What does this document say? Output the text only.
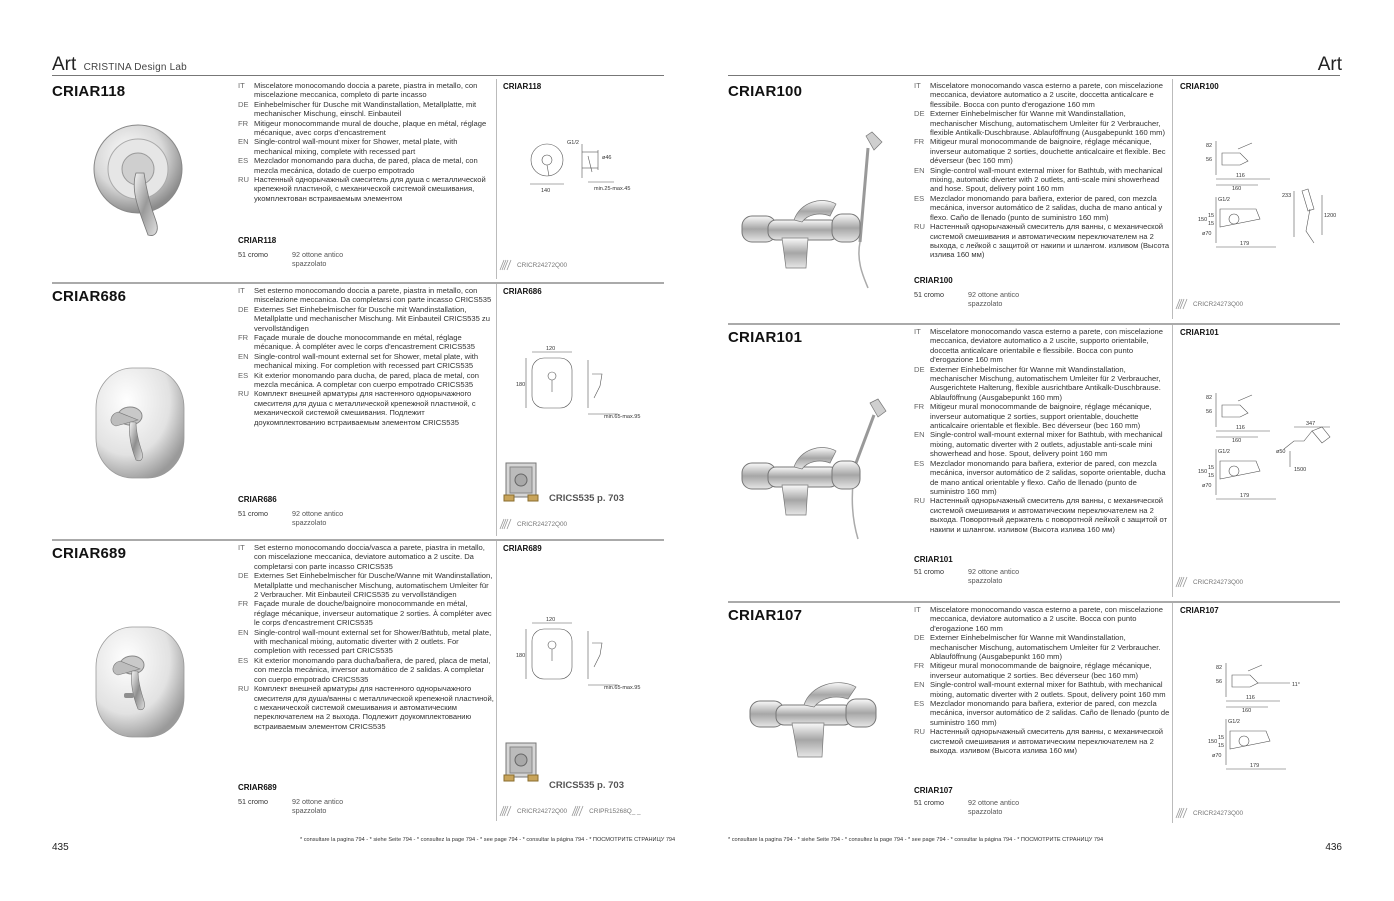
Art CRISTINA Design Lab
CRIAR118	IT	Miscelatore monocomando doccia a parete, piastra in metallo, con miscelazione meccanica, completo di parte incasso
DE Einhebelmischer für Dusche mit Wandinstallation, Metallplatte, mit mechanischer Mischung, einschl. Einbauteil
FR Mitigeur monocommande mural de douche, plaque en métal, réglage mécanique, avec corps d'encastrement
EN Single-control wall-mount mixer for Shower, metal plate, with mechanical mixing, complete with recessed part
ES Mezclador monomando para ducha, de pared, placa de metal, con mezcla mecánica, dotado de cuerpo empotrado
RU Настенный однорычажный смеситель для душа с металлической крепежной пластиной, с механической системой смешивания, укомплектован встраиваемым элементом
CRIAR118
51 cromo	92 ottone antico spazzolato
CRIAR118
140
G1/2
ø46
min.25-max.45
CRICR24272Q00
CRIAR686	IT	Set esterno monocomando doccia a parete, piastra in metallo, con miscelazione meccanica. Da completarsi con parte incasso CRICS535
DE Externes Set Einhebelmischer für Dusche mit Wandinstallation, Metallplatte und mechanischer Mischung. Mit Einbauteil CRICS535 zu vervollständigen
FR Façade murale de douche monocommande en métal, réglage mécanique. À compléter avec le corps d'encastrement CRICS535
EN Single-control wall-mount external set for Shower, metal plate, with mechanical mixing. For completion with recessed part CRICS535
ES Kit exterior monomando para ducha, de pared, placa de metal, con mezcla mecánica. A completar con cuerpo empotrado CRICS535
RU Комплект внешней арматуры для настенного однорычажного смесителя для душа с металлической крепежной пластиной, с механической системой смешивания. Подлежит доукомплектованию встраиваемым элементом CRICS535
CRIAR686
51 cromo	92 ottone antico spazzolato
CRIAR686
120
180
min.65-max.95
CRICS535 p. 703
CRICR24272Q00
CRIAR689	IT	Set esterno monocomando doccia/vasca a parete, piastra in metallo, con miscelazione meccanica, deviatore automatico a 2 uscite. Da completarsi con parte incasso CRICS535
DE Externes Set Einhebelmischer für Dusche/Wanne mit Wandinstallation, Metallplatte und mechanischer Mischung, automatischem Umleiter für 2 Verbraucher. Mit Einbauteil CRICS535 zu vervollständigen
FR Façade murale de douche/baignoire monocommande en métal, réglage mécanique, inverseur automatique 2 sorties. À compléter avec le corps d'encastrement CRICS535
EN Single-control wall-mount external set for Shower/Bathtub, metal plate, with mechanical mixing, automatic diverter with 2 outlets. For completion with recessed part CRICS535
ES Kit exterior monomando para ducha/bañera, de pared, placa de metal, con mezcla mecánica, inversor automático de 2 salidas. A completar con cuerpo empotrado CRICS535
RU Комплект внешней арматуры для настенного однорычажного смесителя для душа/ванны с металлической крепежной пластиной, с механической системой смешивания и автоматическим переключателем на 2 выхода. Подлежит доукомплектованию встраиваемым элементом CRICS535
CRIAR689
51 cromo	92 ottone antico spazzolato
CRIAR689
120
180
min.65-max.95
CRICS535 p. 703
CRICR24272Q00	CRIPR15268Q_ _
* consultare la pagina 794 - * siehe Seite 794 - * consultez la page 794 - * see page 794 - * consultar la página 794 - * ПОСМОТРИТЕ СТРАНИЦУ 794
435
Art
CRIAR100	IT	Miscelatore monocomando vasca esterno a parete, con miscelazione meccanica, deviatore automatico a 2 uscite, doccetta anticalcare e flessibile. Bocca con punto d'erogazione 160 mm
DE Externer Einhebelmischer für Wanne mit Wandinstallation, mechanischer Mischung, automatischem Umleiter für 2 Verbraucher, flexible Antikalk-Duschbrause. Ablauföffnung (Ausgabepunkt 160 mm)
FR Mitigeur mural monocommande de baignoire, réglage mécanique, inverseur automatique 2 sorties, douchette anticalcaire et flexible. Bec déverseur (bec 160 mm)
EN Single-control wall-mount external mixer for Bathtub, with mechanical mixing, automatic diverter with 2 outlets, anti-scale mini showerhead and hose. Spout, delivery point 160 mm
ES Mezclador monomando para bañera, exterior de pared, con mezcla mecánica, inversor automático de 2 salidas, ducha de mano antical y flexo. Caño de llenado (punto de suministro 160 mm)
RU Настенный однорычажный смеситель для ванны, с механической системой смешивания и автоматическим переключателем на 2 выхода, с лейкой с защитой от накипи и шлангом. изливом (Высота излива 160 мм)
CRIAR100
51 cromo	92 ottone antico spazzolato
CRIAR100
82
56
116
160
G1/2
150
15
15
ø70
179
233
1200
CRICR24273Q00
CRIAR101	IT	Miscelatore monocomando vasca esterno a parete, con miscelazione meccanica, deviatore automatico a 2 uscite, supporto orientabile, doccetta anticalcare orientabile e flessibile. Bocca con punto d'erogazione 160 mm
DE Externer Einhebelmischer für Wanne mit Wandinstallation, mechanischer Mischung, automatischem Umleiter für 2 Verbraucher, Ausgerichtete Halterung, flexible ausrichtbare Antikalk-Duschbrause. Ablauföffnung (Ausgabepunkt 160 mm)
FR Mitigeur mural monocommande de baignoire, réglage mécanique, inverseur automatique 2 sorties, support orientable, douchette anticalcaire orientable et flexible. Bec déverseur (bec 160 mm)
EN Single-control wall-mount external mixer for Bathtub, with mechanical mixing, automatic diverter with 2 outlets, adjustable anti-scale mini showerhead and hose. Spout, delivery point 160 mm
ES Mezclador monomando para bañera, exterior de pared, con mezcla mecánica, inversor automático de 2 salidas, soporte orientable, ducha de mano antical orientable y flexo. Caño de llenado (punto de suministro 160 mm)
RU Настенный однорычажный смеситель для ванны, с механической системой смешивания и автоматическим переключателем на 2 выхода. Поворотный держатель с поворотной лейкой с защитой от накипи и шлангом. изливом (Высота излива 160 мм)
CRIAR101
51 cromo	92 ottone antico spazzolato
CRIAR101
82
56
116
160
G1/2
150
15
15
ø70
179
347
ø50
1500
CRICR24273Q00
CRIAR107	IT	Miscelatore monocomando vasca esterno a parete, con miscelazione meccanica, deviatore automatico a 2 uscite. Bocca con punto d'erogazione 160 mm
DE Externer Einhebelmischer für Wanne mit Wandinstallation, mechanischer Mischung, automatischem Umleiter für 2 Verbraucher. Ablauföffnung (Ausgabepunkt 160 mm)
FR Mitigeur mural monocommande de baignoire, réglage mécanique, inverseur automatique 2 sorties. Bec déverseur (bec 160 mm)
EN Single-control wall-mount external mixer for Bathtub, with mechanical mixing, automatic diverter with 2 outlets. Spout, delivery point 160 mm
ES Mezclador monomando para bañera, exterior de pared, con mezcla mecánica, inversor automático de 2 salidas. Caño de llenado (punto de suministro 160 mm)
RU Настенный однорычажный смеситель для ванны, с механической системой смешивания и автоматическим переключателем на 2 выхода. изливом (Высота излива 160 мм)
CRIAR107
51 cromo	92 ottone antico spazzolato
CRIAR107
82
56	11°
116
160
G1/2
150
15
15
ø70
179
CRICR24273Q00
* consultare la pagina 794 - * siehe Seite 794 - * consultez la page 794 - * see page 794 - * consultar la página 794 - * ПОСМОТРИТЕ СТРАНИЦУ 794
436
